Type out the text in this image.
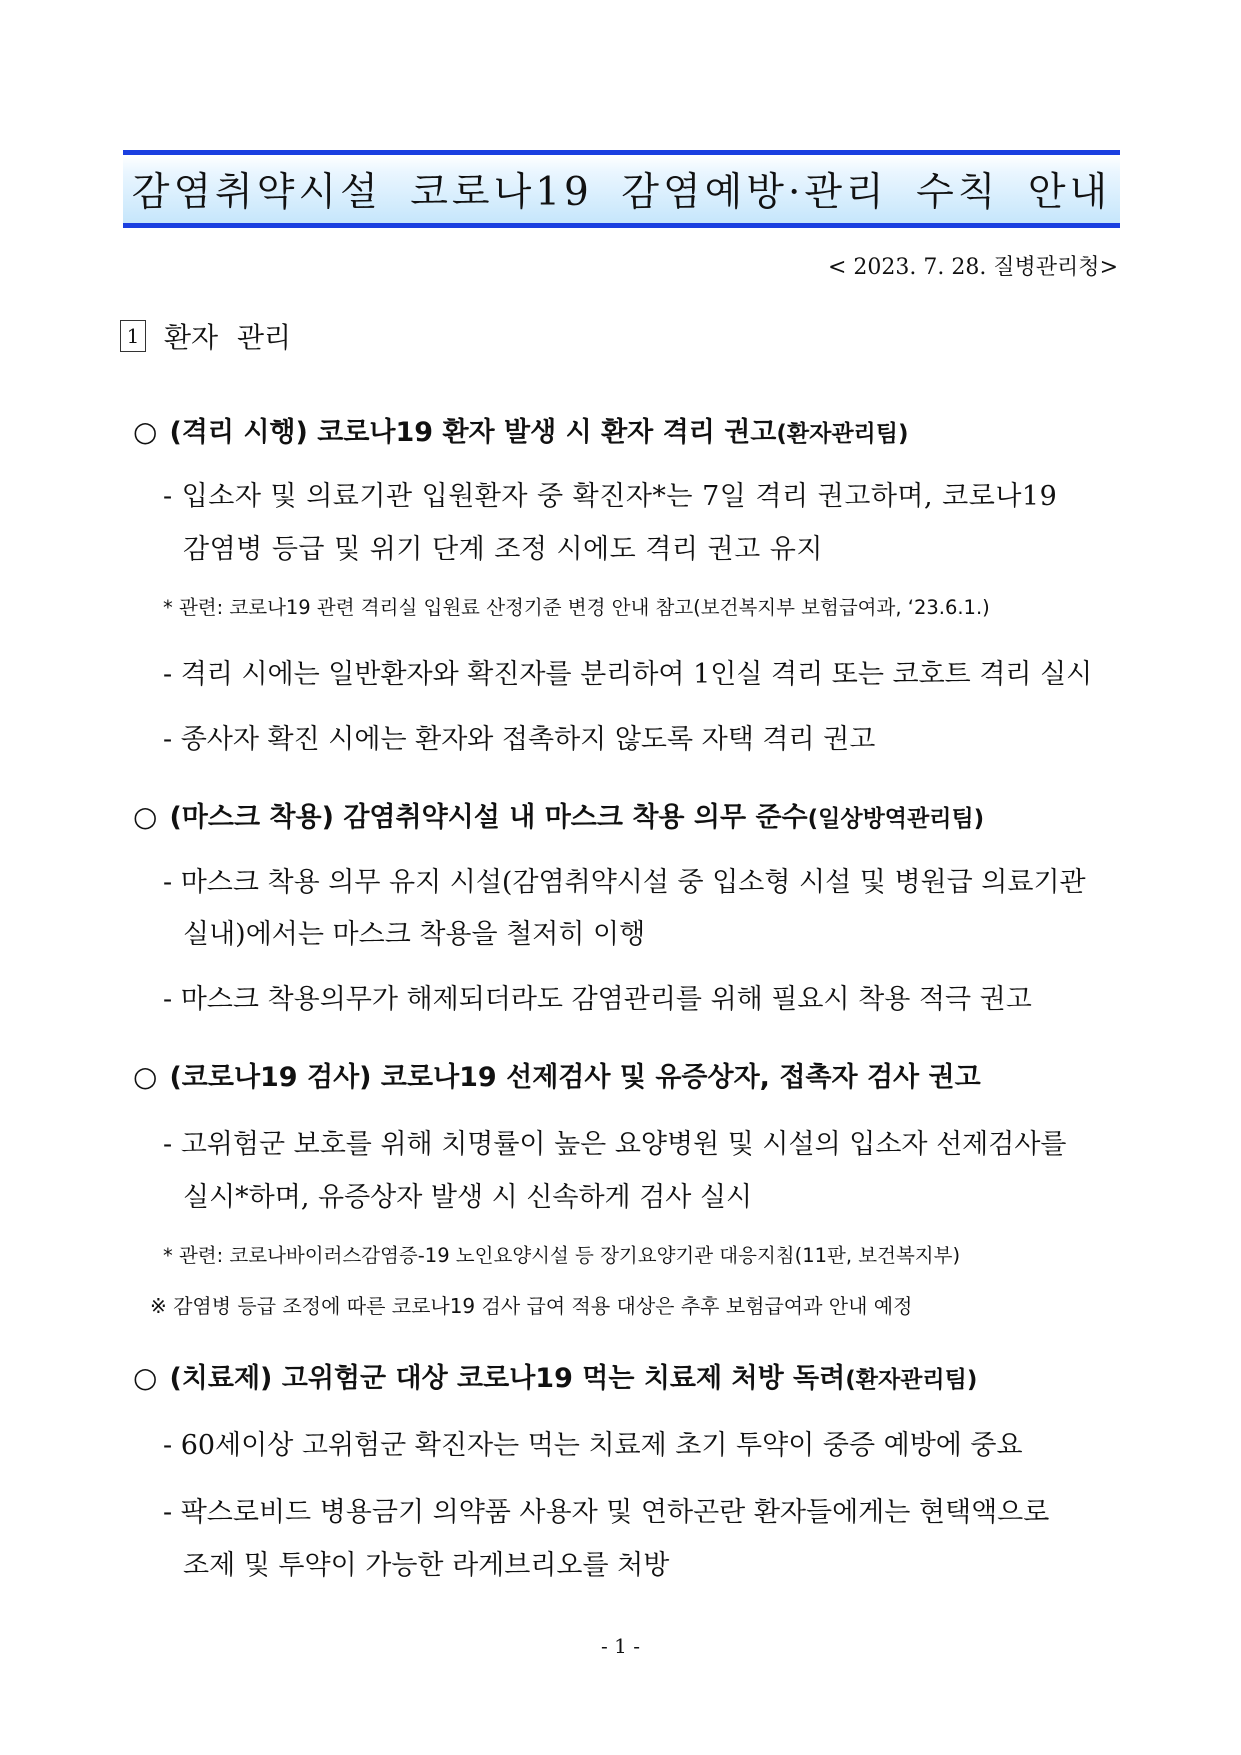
감염취약시설 코로나19 감염예방·관리 수칙 안내
< 2023. 7. 28. 질병관리청>
1 환자 관리
○ (격리 시행) 코로나19 환자 발생 시 환자 격리 권고(환자관리팀)
- 입소자 및 의료기관 입원환자 중 확진자*는 7일 격리 권고하며, 코로나19
감염병 등급 및 위기 단계 조정 시에도 격리 권고 유지
* 관련: 코로나19 관련 격리실 입원료 산정기준 변경 안내 참고(보건복지부 보험급여과, ‘23.6.1.)
- 격리 시에는 일반환자와 확진자를 분리하여 1인실 격리 또는 코호트 격리 실시
- 종사자 확진 시에는 환자와 접촉하지 않도록 자택 격리 권고
○ (마스크 착용) 감염취약시설 내 마스크 착용 의무 준수(일상방역관리팀)
- 마스크 착용 의무 유지 시설(감염취약시설 중 입소형 시설 및 병원급 의료기관
실내)에서는 마스크 착용을 철저히 이행
- 마스크 착용의무가 해제되더라도 감염관리를 위해 필요시 착용 적극 권고
○ (코로나19 검사) 코로나19 선제검사 및 유증상자, 접촉자 검사 권고
- 고위험군 보호를 위해 치명률이 높은 요양병원 및 시설의 입소자 선제검사를
실시*하며, 유증상자 발생 시 신속하게 검사 실시
* 관련: 코로나바이러스감염증-19 노인요양시설 등 장기요양기관 대응지침(11판, 보건복지부)
※ 감염병 등급 조정에 따른 코로나19 검사 급여 적용 대상은 추후 보험급여과 안내 예정
○ (치료제) 고위험군 대상 코로나19 먹는 치료제 처방 독려(환자관리팀)
- 60세이상 고위험군 확진자는 먹는 치료제 초기 투약이 중증 예방에 중요
- 팍스로비드 병용금기 의약품 사용자 및 연하곤란 환자들에게는 현택액으로
조제 및 투약이 가능한 라게브리오를 처방
- 1 -
